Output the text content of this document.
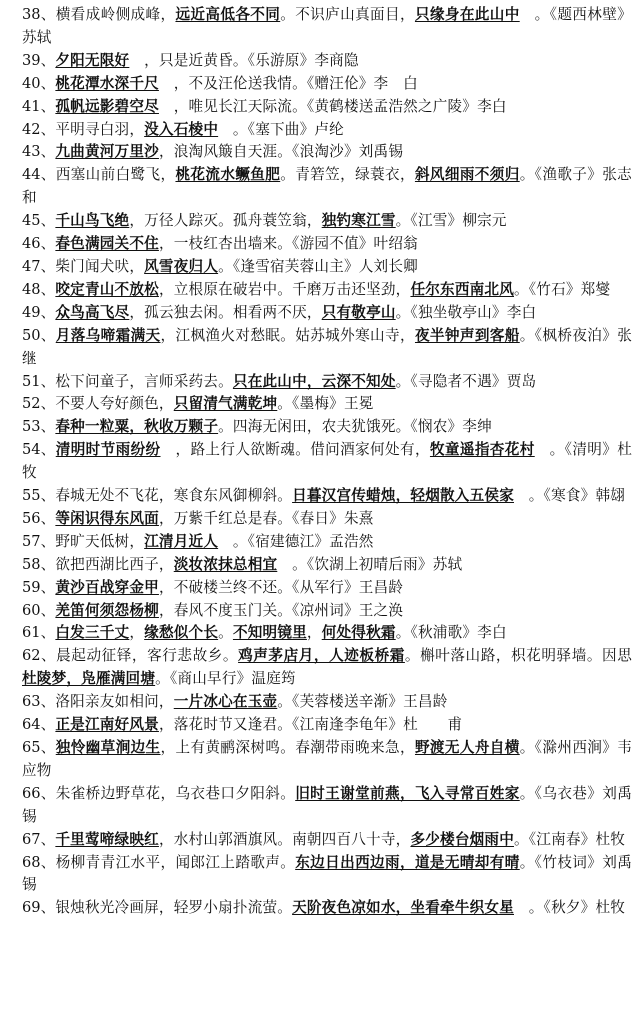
38、横看成岭侧成峰，远近高低各不同。不识庐山真面目，只缘身在此山中　。《题西林壁》苏轼
39、夕阳无限好　，只是近黄昏。《乐游原》李商隐
40、桃花潭水深千尺　，不及汪伦送我情。《赠汪伦》李　白
41、孤帆远影碧空尽　，唯见长江天际流。《黄鹤楼送孟浩然之广陵》李白
42、平明寻白羽，没入石棱中　。《塞下曲》卢纶
43、九曲黄河万里沙，浪淘风簸自天涯。《浪淘沙》刘禹锡
44、西塞山前白鹭飞，桃花流水鳜鱼肥。青箬笠，绿蓑衣，斜风细雨不须归。《渔歌子》张志和
45、千山鸟飞绝，万径人踪灭。孤舟蓑笠翁，独钓寒江雪。《江雪》柳宗元
46、春色满园关不住，一枝红杏出墙来。《游园不值》叶绍翁
47、柴门闻犬吠，风雪夜归人。《逢雪宿芙蓉山主》人刘长卿
48、咬定青山不放松，立根原在破岩中。千磨万击还坚劲，任尔东西南北风。《竹石》郑燮
49、众鸟高飞尽，孤云独去闲。相看两不厌，只有敬亭山。《独坐敬亭山》李白
50、月落乌啼霜满天，江枫渔火对愁眠。姑苏城外寒山寺，夜半钟声到客船。《枫桥夜泊》张继
51、松下问童子，言师采药去。只在此山中，云深不知处。《寻隐者不遇》贾岛
52、不要人夸好颜色，只留清气满乾坤。《墨梅》王冕
53、春种一粒粟，秋收万颗子。四海无闲田，农夫犹饿死。《悯农》李绅
54、清明时节雨纷纷　，路上行人欲断魂。借问酒家何处有，牧童遥指杏花村　。《清明》杜牧
55、春城无处不飞花，寒食东风御柳斜。日暮汉宫传蜡烛，轻烟散入五侯家　。《寒食》韩翃
56、等闲识得东风面，万紫千红总是春。《春日》朱熹
57、野旷天低树，江清月近人　。《宿建德江》孟浩然
58、欲把西湖比西子，淡妆浓抹总相宜　。《饮湖上初晴后雨》苏轼
59、黄沙百战穿金甲，不破楼兰终不还。《从军行》王昌龄
60、羌笛何须怨杨柳，春风不度玉门关。《凉州词》王之涣
61、白发三千丈，缘愁似个长。不知明镜里，何处得秋霜。《秋浦歌》李白
62、晨起动征铎，客行悲故乡。鸡声茅店月，人迹板桥霜。槲叶落山路，枳花明驿墙。因思杜陵梦，凫雁满回塘。《商山早行》温庭筠
63、洛阳亲友如相问，一片冰心在玉壶。《芙蓉楼送辛渐》王昌龄
64、正是江南好风景，落花时节又逢君。《江南逢李龟年》杜　　甫
65、独怜幽草涧边生，上有黄鹂深树鸣。春潮带雨晚来急，野渡无人舟自横。《滁州西涧》韦应物
66、朱雀桥边野草花，乌衣巷口夕阳斜。旧时王谢堂前燕，飞入寻常百姓家。《乌衣巷》刘禹锡
67、千里莺啼绿映红，水村山郭酒旗风。南朝四百八十寺，多少楼台烟雨中。《江南春》杜牧
68、杨柳青青江水平，闻郎江上踏歌声。东边日出西边雨，道是无晴却有晴。《竹枝词》刘禹锡
69、银烛秋光冷画屏，轻罗小扇扑流萤。天阶夜色凉如水，坐看牵牛织女星　。《秋夕》杜牧
